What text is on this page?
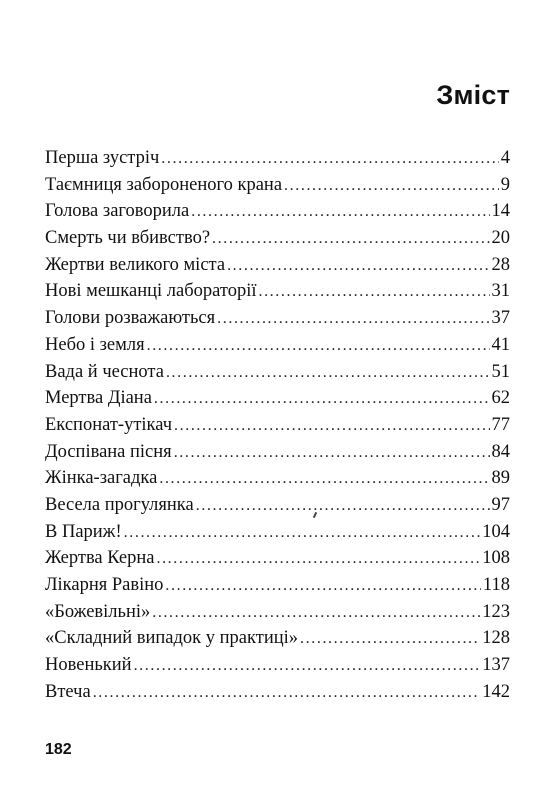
Зміст
Перша зустріч .....	4
Таємниця забороненого крана .....	9
Голова заговорила .....	14
Смерть чи вбивство? .....	20
Жертви великого міста .....	28
Нові мешканці лабораторії .....	31
Голови розважаються .....	37
Небо і земля .....	41
Вада й чеснота .....	51
Мертва Діана .....	62
Експонат-утікач .....	77
Доспівана пісня .....	84
Жінка-загадка .....	89
Весела прогулянка .....	97
В Париж! .....	104
Жертва Керна .....	108
Лікарня Равіно .....	118
«Божевільні» .....	123
«Складний випадок у практиці» .....	128
Новенький .....	137
Втеча .....	142

182
